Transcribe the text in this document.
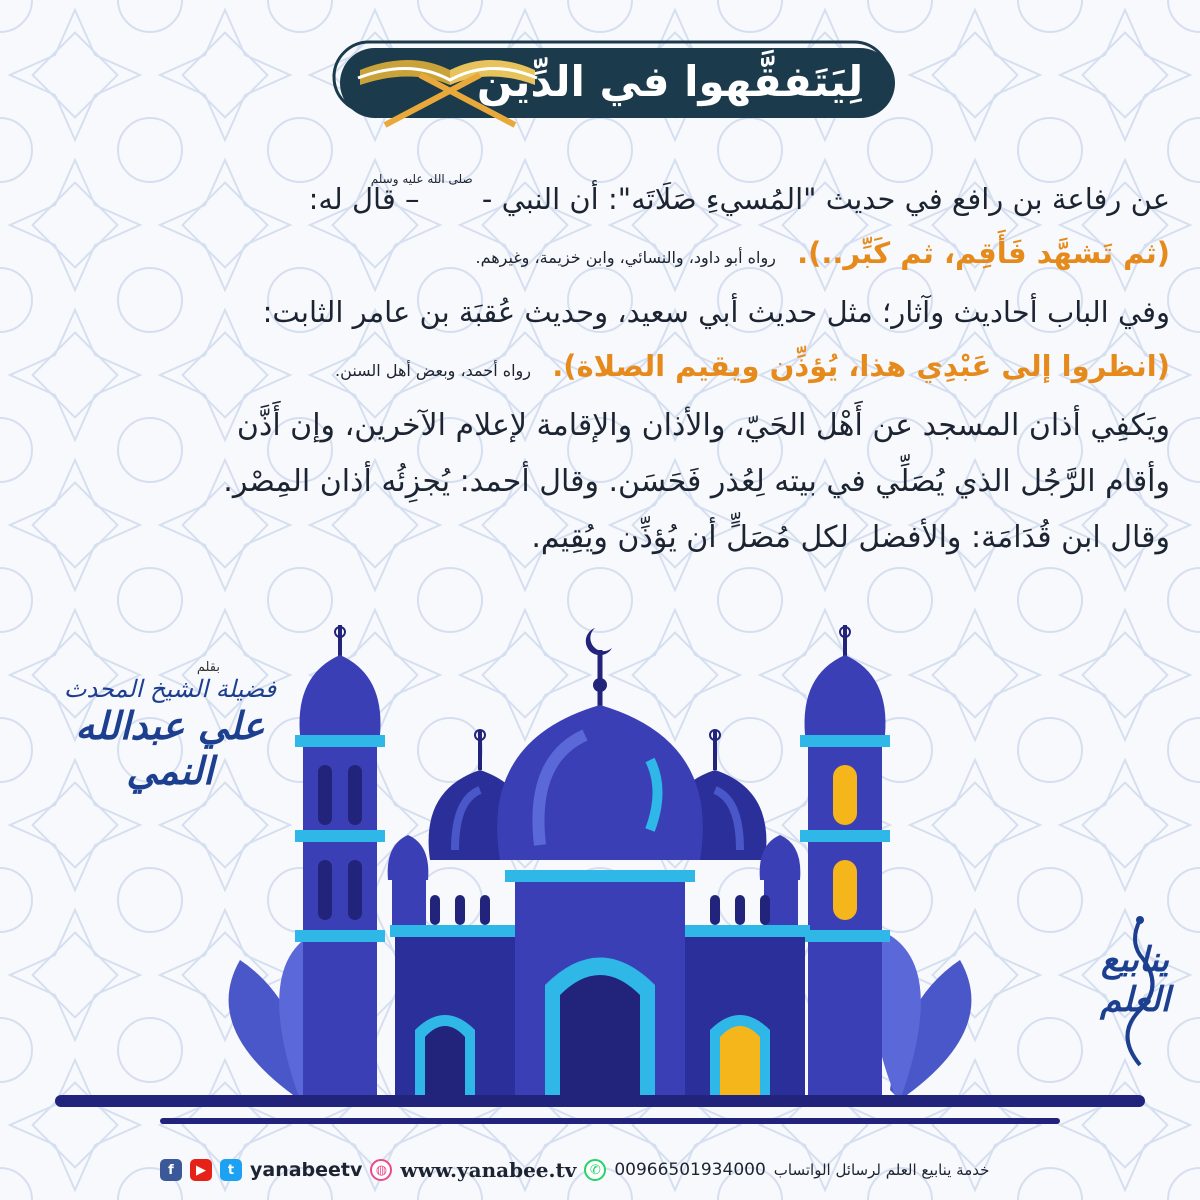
لِيَتَفقَّهوا في الدِّين
عن رفاعة بن رافع في حديث "المُسيءِ صَلَاتَه": أن النبي - صلى الله عليه وسلم – قال له:
(ثم تَشهَّد فَأَقِم، ثم كَبِّر..). رواه أبو داود، والنسائي، وابن خزيمة، وغيرهم.
وفي الباب أحاديث وآثار؛ مثل حديث أبي سعيد، وحديث عُقبَة بن عامر الثابت:
(انظروا إلى عَبْدِي هذا، يُؤذِّن ويقيم الصلاة). رواه أحمد، وبعض أهل السنن.
ويَكفِي أذان المسجد عن أَهْل الحَيّ، والأذان والإقامة لإعلام الآخرين، وإن أَذَّن
وأقام الرَّجُل الذي يُصَلِّي في بيته لِعُذر فَحَسَن. وقال أحمد: يُجزِئُه أذان المِصْر.
وقال ابن قُدَامَة: والأفضل لكل مُصَلٍّ أن يُؤذِّن ويُقِيم.
بقلم
فضيلة الشيخ المحدث
علي عبدالله النمي
ينابيع
العلم
f	▶	t yanabeetv	◍ www.yanabee.tv	✆ 00966501934000 خدمة ينابيع العلم لرسائل الواتساب
